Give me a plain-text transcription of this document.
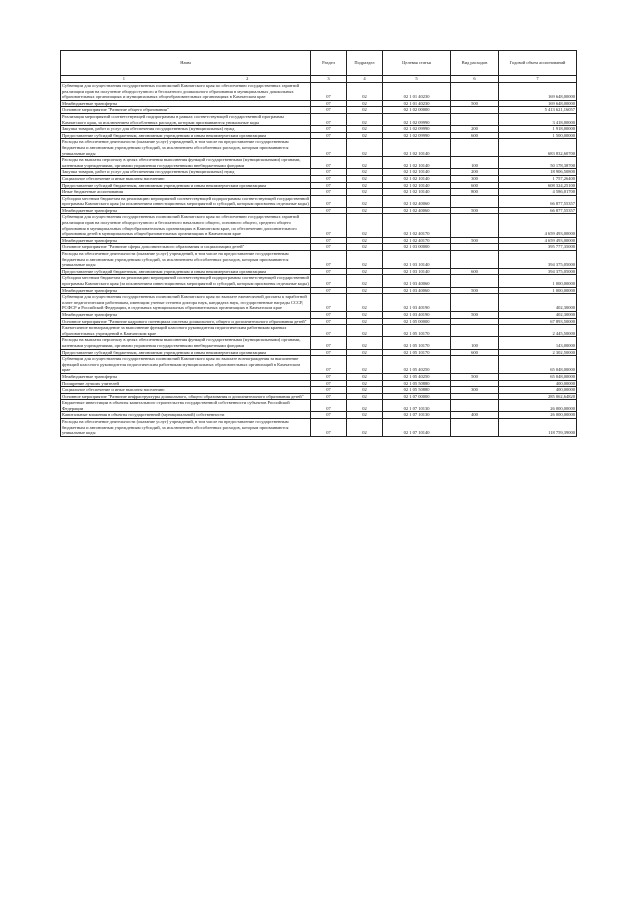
Наим	Раздел	Подраздел	Целевая статья	Вид расходов	Годовой объем ассигнований
1 2	3	4	5	6	7
Субвенции для осуществления государственных полномочий Камчатского края по обеспечению государственных гарантий реализации прав на получение общедоступного и бесплатного дошкольного образования в муниципальных дошкольных образовательных организациях и муниципальных общеобразовательных организациях в Камчатском крае	07	02	02 1 01 40230		169 648,00000
Межбюджетные трансферты	07	02	02 1 01 40230	500	169 648,00000
Основное мероприятие "Развитие общего образования"	07	02	02 1 02 00000		5 413 621,16057
Реализация мероприятий соответствующей подпрограммы в рамках соответствующей государственной программы Камчатского края, за исключением обособленных расходов, которым присваиваются уникальные коды	07	02	02 1 02 09990		3 418,00000
Закупка товаров, работ и услуг для обеспечения государственных (муниципальных) нужд	07	02	02 1 02 09990	200	1 918,00000
Предоставление субсидий бюджетным, автономным учреждениям и иным некоммерческим организациям	07	02	02 1 02 09990	600	1 500,00000
Расходы на обеспечение деятельности (оказание услуг) учреждений, в том числе на предоставление государственным бюджетным и автономным учреждениям субсидий, за исключением обособленных расходов, которым присваиваются уникальные коды	07	02	02 1 02 10140		683 832,60700
Расходы на выплаты персоналу в целях обеспечения выполнения функций государственными (муниципальными) органами, казенными учреждениями, органами управления государственными внебюджетными фондами	07	02	02 1 02 10140	100	50 178,38700
Закупка товаров, работ и услуг для обеспечения государственных (муниципальных) нужд	07	02	02 1 02 10140	200	18 906,50800
Социальное обеспечение и иные выплаты населению	07	02	02 1 02 10140	300	1 757,26400
Предоставление субсидий бюджетным, автономным учреждениям и иным некоммерческим организациям	07	02	02 1 02 10140	600	608 324,25100
Иные бюджетные ассигнования	07	02	02 1 02 10140	800	4 586,01700
Субсидии местным бюджетам на реализацию мероприятий соответствующей подпрограммы соответствующей государственной программы Камчатского края (за исключением инвестиционных мероприятий и субсидий, которым присвоены отдельные коды)	07	02	02 1 02 40060		66 877,55357
Межбюджетные трансферты	07	02	02 1 02 40060	500	66 877,55357
Субвенции для осуществления государственных полномочий Камчатского края по обеспечению государственных гарантий реализации прав на получение общедоступного и бесплатного начального общего, основного общего, среднего общего образования в муниципальных общеобразовательных организациях в Камчатском крае, по обеспечению дополнительного образования детей в муниципальных общеобразовательных организациях в Камчатском крае	07	02	02 1 02 40170		4 659 493,00000
Межбюджетные трансферты	07	02	02 1 02 40170	500	4 659 493,00000
Основное мероприятие "Развитие сферы дополнительного образования и социализации детей"	07	02	02 1 03 00000		395 777,35000
Расходы на обеспечение деятельности (оказание услуг) учреждений, в том числе на предоставление государственным бюджетным и автономным учреждениям субсидий, за исключением обособленных расходов, которым присваиваются уникальные коды	07	02	02 1 03 10140		394 375,05000
Предоставление субсидий бюджетным, автономным учреждениям и иным некоммерческим организациям	07	02	02 1 03 10140	600	394 375,05000
Субсидии местным бюджетам на реализацию мероприятий соответствующей подпрограммы соответствующей государственной программы Камчатского края (за исключением инвестиционных мероприятий и субсидий, которым присвоены отдельные коды)	07	02	02 1 03 40060		1 000,00000
Межбюджетные трансферты	07	02	02 1 03 40060	500	1 000,00000
Субвенции для осуществления государственных полномочий Камчатского края по выплате ежемесячной доплаты к заработной плате педагогическим работникам, имеющим ученые степени доктора наук, кандидата наук, государственные награды СССР, РСФСР и Российской Федерации, в отдельных муниципальных образовательных организациях в Камчатском крае	07	02	02 1 03 40190		402,30000
Межбюджетные трансферты	07	02	02 1 03 40190	500	402,30000
Основное мероприятие "Развитие кадрового потенциала системы дошкольного, общего и дополнительного образования детей"	07	02	02 1 05 00000		67 893,50000
Ежемесячное вознаграждение за выполнение функций классного руководителя педагогическим работникам краевых образовательных учреждений в Камчатском крае	07	02	02 1 05 10170		2 445,50000
Расходы на выплаты персоналу в целях обеспечения выполнения функций государственными (муниципальными) органами, казенными учреждениями, органами управления государственными внебюджетными фондами	07	02	02 1 05 10170	100	143,00000
Предоставление субсидий бюджетным, автономным учреждениям и иным некоммерческим организациям	07	02	02 1 05 10170	600	2 302,50000
Субвенции для осуществления государственных полномочий Камчатского края по выплате вознаграждения за выполнение функций классного руководителя педагогическим работникам муниципальных образовательных организаций в Камчатском крае	07	02	02 1 05 40250		65 048,00000
Межбюджетные трансферты	07	02	02 1 05 40250	500	65 048,00000
Поощрение лучших учителей	07	02	02 1 05 50880		400,00000
Социальное обеспечение и иные выплаты населению	07	02	02 1 05 50880	300	400,00000
Основное мероприятие "Развитие инфраструктуры дошкольного, общего образования и дополнительного образования детей"	07	02	02 1 07 00000		285 062,64820
Бюджетные инвестиции в объекты капитального строительства государственной собственности субъектов Российской Федерации	07	02	02 1 07 10130		26 000,00000
Капитальные вложения в объекты государственной (муниципальной) собственности	07	02	02 1 07 10130	400	26 000,00000
Расходы на обеспечение деятельности (оказание услуг) учреждений, в том числе на предоставление государственным бюджетным и автономным учреждениям субсидий, за исключением обособленных расходов, которым присваиваются уникальные коды	07	02	02 1 07 10140		118 759,39000
